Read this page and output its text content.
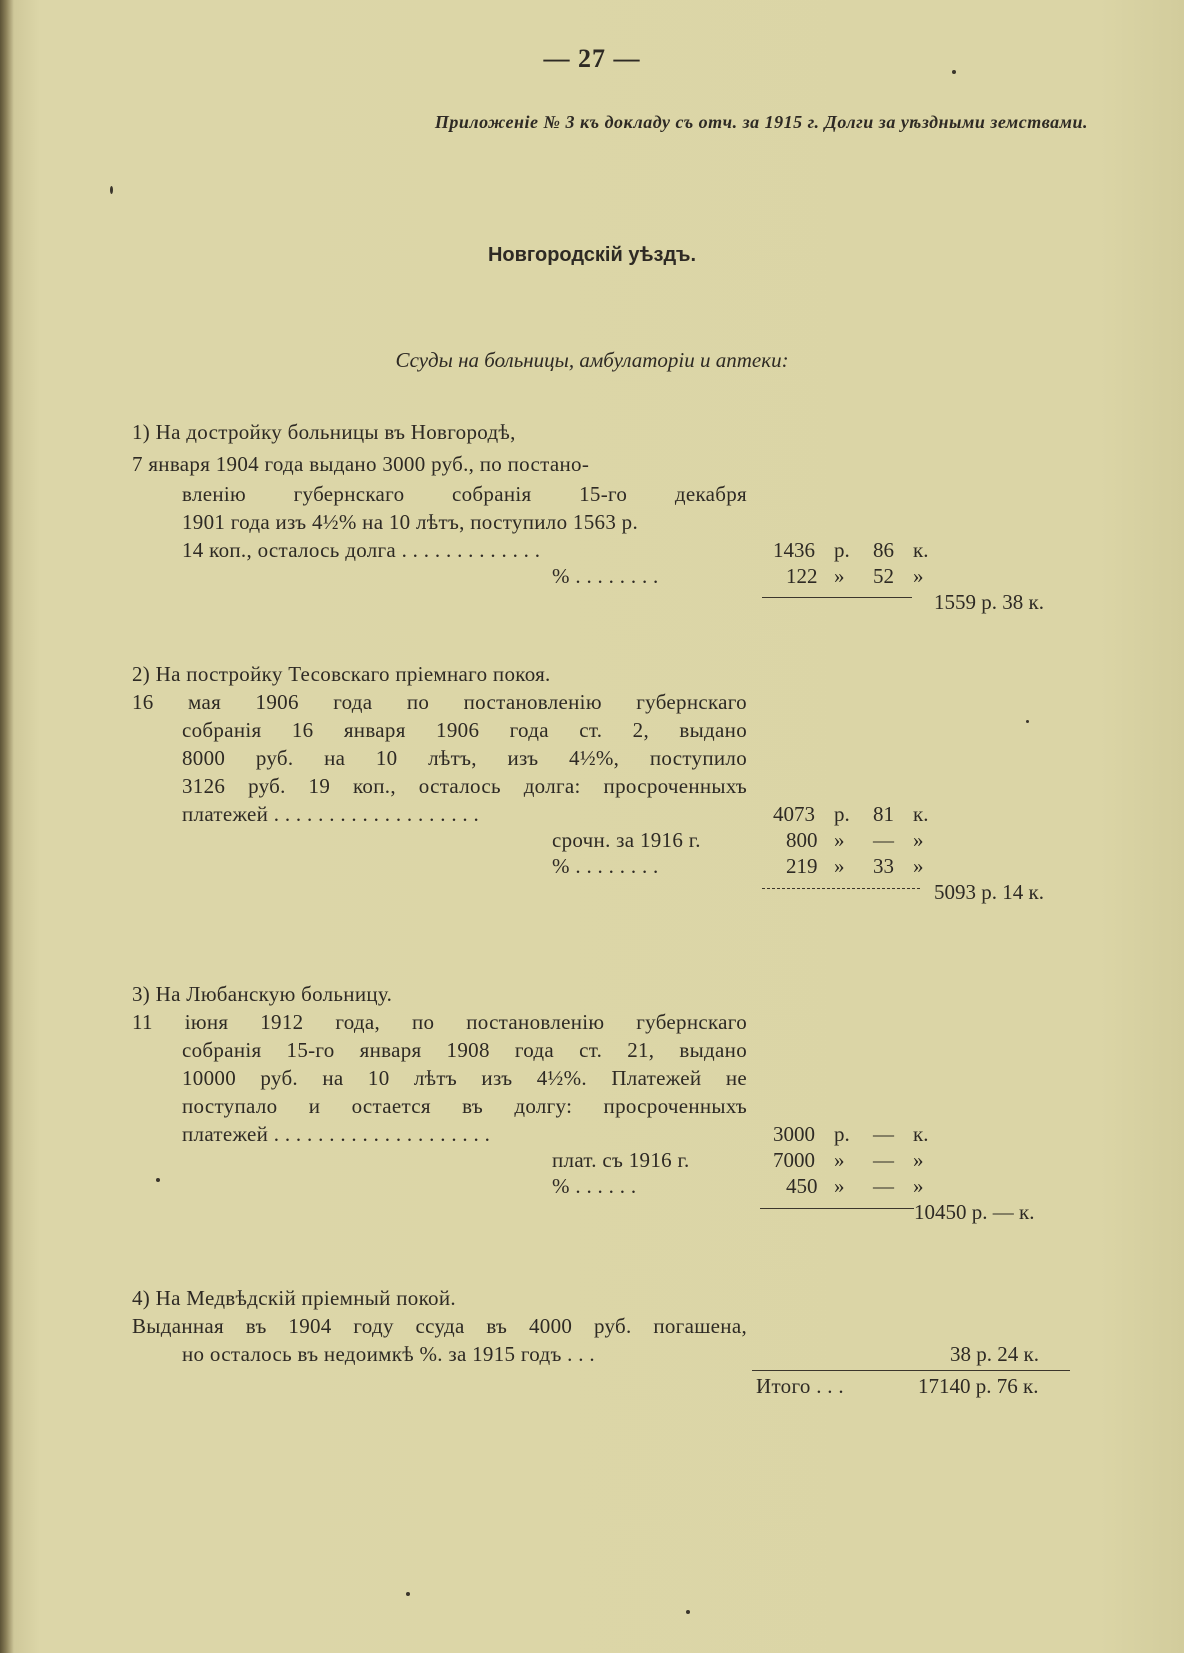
— 27 —
Приложеніе № 3 къ докладу съ отч. за 1915 г. Долги за уѣздными земствами.
Новгородскій уѣздъ.
Ссуды на больницы, амбулаторіи и аптеки:
1) На достройку больницы въ Новгородѣ,
7 января 1904 года выдано 3000 руб., по постано-
вленію губернскаго собранія 15-го декабря
1901 года изъ 4½% на 10 лѣтъ, поступило 1563 р.
14 коп., осталось долга . . . . . . . . . . . . .
% . . . . . . . .
1436 р. 86 к.
122 » 52 »
1559 р. 38 к.
2) На постройку Тесовскаго пріемнаго покоя.
16 мая 1906 года по постановленію губернскаго
собранія 16 января 1906 года ст. 2, выдано
8000 руб. на 10 лѣтъ, изъ 4½%, поступило
3126 руб. 19 коп., осталось долга: просроченныхъ
платежей . . . . . . . . . . . . . . . . . . .
срочн. за 1916 г.
% . . . . . . . .
4073 р. 81 к.
800 » — »
219 » 33 »
5093 р. 14 к.
3) На Любанскую больницу.
11 іюня 1912 года, по постановленію губернскаго
собранія 15-го января 1908 года ст. 21, выдано
10000 руб. на 10 лѣтъ изъ 4½%. Платежей не
поступало и остается въ долгу: просроченныхъ
платежей . . . . . . . . . . . . . . . . . . . .
плат. съ 1916 г.
% . . . . . .
3000 р. — к.
7000 » — »
450 » — »
10450 р. — к.
4) На Медвѣдскій пріемный покой.
Выданная въ 1904 году ссуда въ 4000 руб. погашена,
но осталось въ недоимкѣ %. за 1915 годъ . . .	38 р. 24 к.
Итого . . .	17140 р. 76 к.
